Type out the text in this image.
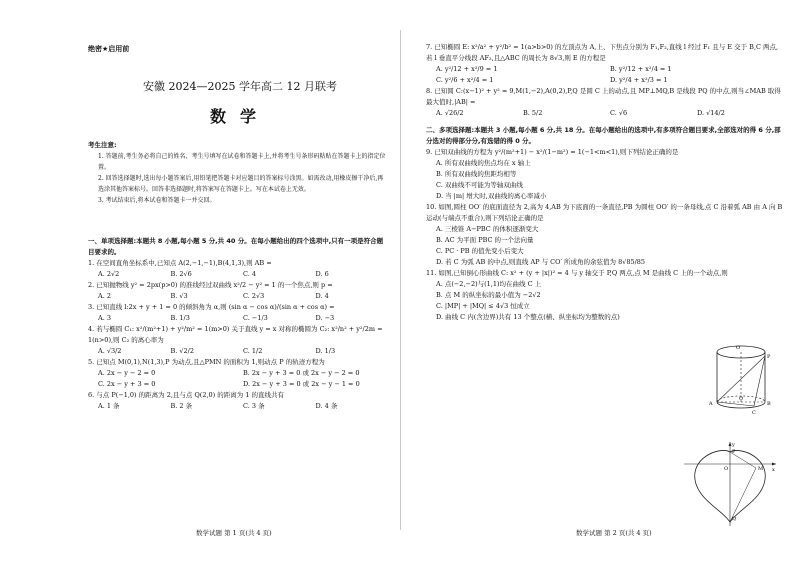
绝密★启用前
安徽 2024—2025 学年高二 12 月联考
数学
考生注意:
1. 答题前,考生务必将自己的姓名、考生号填写在试卷和答题卡上,并将考生号条形码粘贴在答题卡上的指定位置。
2. 回答选择题时,选出每小题答案后,用铅笔把答题卡对应题目的答案标号涂黑。如需改动,用橡皮擦干净后,再选涂其他答案标号。回答非选择题时,将答案写在答题卡上。写在本试卷上无效。
3. 考试结束后,将本试卷和答题卡一并交回。
一、单项选择题:本题共 8 小题,每小题 5 分,共 40 分。在每小题给出的四个选项中,只有一项是符合题目要求的。
1. 在空间直角坐标系中,已知点 A(2,−1,−1),B(4,1,3),则 AB =
A. 2√2	B. 2√6	C. 4	D. 6
2. 已知抛物线 y² = 2px(p>0) 的准线经过双曲线 x²/2 − y² = 1 的一个焦点,则 p =
A. 2	B. √3	C. 2√3	D. 4
3. 已知直线 l:2x + y + 1 = 0 的倾斜角为 α,则 (sin α − cos α)/(sin α + cos α) =
A. 3	B. 1/3	C. −1/3	D. −3
4. 若与椭圆 C₁: x²/(m²+1) + y²/m² = 1(m>0) 关于直线 y = x 对称的椭圆为 C₂: x²/n² + y²/2m = 1(n>0),则 C₂ 的离心率为
A. √3/2	B. √2/2	C. 1/2	D. 1/3
5. 已知点 M(0,1),N(1,3),P 为动点,且△PMN 的面积为 1,则动点 P 的轨迹方程为
A. 2x − y − 2 = 0	B. 2x − y + 3 = 0 或 2x − y − 2 = 0
C. 2x − y + 3 = 0	D. 2x − y + 3 = 0 或 2x − y − 1 = 0
6. 与点 P(−1,0) 的距离为 2,且与点 Q(2,0) 的距离为 1 的直线共有
A. 1 条	B. 2 条	C. 3 条	D. 4 条
7. 已知椭圆 E: x²/a² + y²/b² = 1(a>b>0) 的左顶点为 A,上、下焦点分别为 F₁,F₂,直线 l 经过 F₁ 且与 E 交于 B,C 两点,若 l 垂直平分线段 AF₂,且△ABC 的周长为 8√3,则 E 的方程是
A. y²/12 + x²/9 = 1	B. y²/12 + x²/4 = 1
C. y²/6 + x²/4 = 1	D. y²/4 + x²/3 = 1
8. 已知圆 C:(x−1)² + y² = 9,M(1,−2),A(0,2),P,Q 是圆 C 上的动点,且 MP⊥MQ,B 是线段 PQ 的中点,则当∠MAB 取得最大值时,|AB| =
A. √26/2	B. 5/2	C. √6	D. √14/2
二、多项选择题:本题共 3 小题,每小题 6 分,共 18 分。在每小题给出的选项中,有多项符合题目要求,全部选对的得 6 分,部分选对的得部分分,有选错的得 0 分。
9. 已知双曲线的方程为 y²/(m²+1) − x²/(1−m²) = 1(−1<m<1),则下列结论正确的是
A. 所有双曲线的焦点均在 x 轴上
B. 所有双曲线的焦距均相等
C. 双曲线不可能为等轴双曲线
D. 当 |m| 增大时,双曲线的离心率减小
10. 如图,圆柱 OO′ 的底面直径为 2,高为 4,AB 为下底面的一条直径,PB 为圆柱 OO′ 的一条母线,点 C 沿着弧 AB 由 A 向 B 运动(与端点不重合),则下列结论正确的是
A. 三棱锥 A−PBC 的体积逐渐变大
B. AC 为平面 PBC 的一个法向量
C. PC · PB 的值先变小后变大
D. 若 C 为弧 AB 的中点,则直线 AP 与 CO′ 所成角的余弦值为 8√85/85
11. 如图,已知倒心形曲线 C: x² + (y + |x|)² = 4 与 y 轴交于 P,Q 两点,点 M 是曲线 C 上的一个动点,则
A. 点(−2,−2)与(1,1)均在曲线 C 上
B. 点 M 的纵坐标的最小值为 −2√2
C. |MP| + |MQ| ≤ 4√3 恒成立
D. 曲线 C 内(含边界)共有 13 个整点(横、纵坐标均为整数的点)
O′
P
A
O
B
C
y
P
O	x
M
Q
数学试题 第 1 页(共 4 页)	数学试题 第 2 页(共 4 页)
